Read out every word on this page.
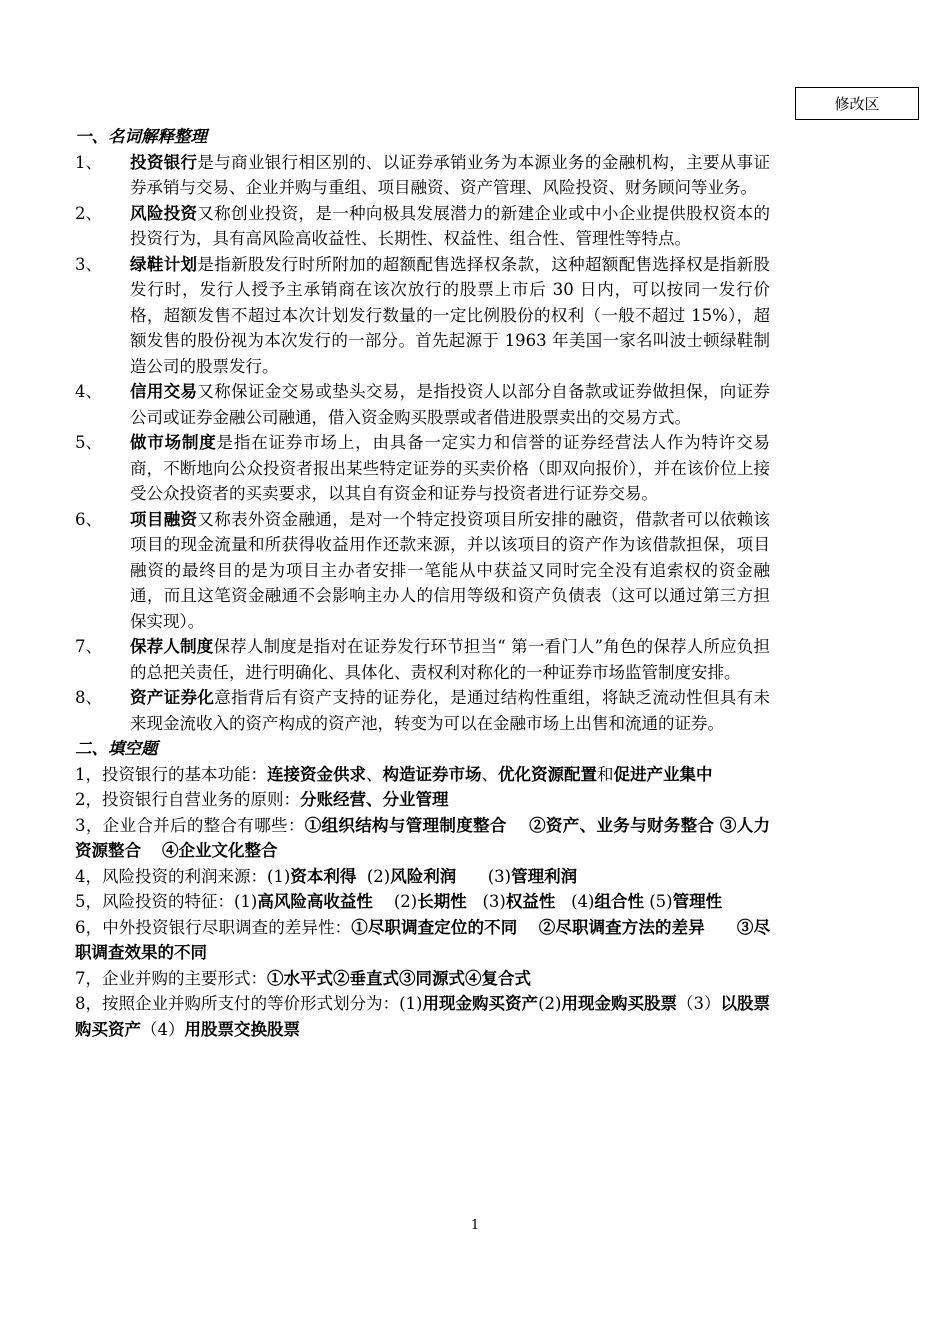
修改区

一、名词解释整理

1、 投资银行是与商业银行相区别的、以证券承销业务为本源业务的金融机构，主要从事证券承销与交易、企业并购与重组、项目融资、资产管理、风险投资、财务顾问等业务。

2、 风险投资又称创业投资，是一种向极具发展潜力的新建企业或中小企业提供股权资本的投资行为，具有高风险高收益性、长期性、权益性、组合性、管理性等特点。

3、 绿鞋计划是指新股发行时所附加的超额配售选择权条款，这种超额配售选择权是指新股发行时，发行人授予主承销商在该次放行的股票上市后 30 日内，可以按同一发行价格，超额发售不超过本次计划发行数量的一定比例股份的权利（一般不超过 15%），超额发售的股份视为本次发行的一部分。首先起源于 1963 年美国一家名叫波士顿绿鞋制造公司的股票发行。

4、 信用交易又称保证金交易或垫头交易，是指投资人以部分自备款或证券做担保，向证券公司或证券金融公司融通，借入资金购买股票或者借进股票卖出的交易方式。

5、 做市场制度是指在证券市场上，由具备一定实力和信誉的证券经营法人作为特许交易商，不断地向公众投资者报出某些特定证券的买卖价格（即双向报价），并在该价位上接受公众投资者的买卖要求，以其自有资金和证券与投资者进行证券交易。

6、 项目融资又称表外资金融通，是对一个特定投资项目所安排的融资，借款者可以依赖该项目的现金流量和所获得收益用作还款来源，并以该项目的资产作为该借款担保，项目融资的最终目的是为项目主办者安排一笔能从中获益又同时完全没有追索权的资金融通，而且这笔资金融通不会影响主办人的信用等级和资产负债表（这可以通过第三方担保实现）。

7、 保荐人制度保荐人制度是指对在证券发行环节担当“ 第一看门人”角色的保荐人所应负担的总把关责任，进行明确化、具体化、责权利对称化的一种证券市场监管制度安排。

8、 资产证券化意指背后有资产支持的证券化，是通过结构性重组，将缺乏流动性但具有未来现金流收入的资产构成的资产池，转变为可以在金融市场上出售和流通的证券。

二、填空题

1，投资银行的基本功能：连接资金供求、构造证券市场、优化资源配置和促进产业集中

2，投资银行自营业务的原则：分账经营、分业管理

3，企业合并后的整合有哪些：①组织结构与管理制度整合 ②资产、业务与财务整合 ③人力资源整合 ④企业文化整合

4，风险投资的利润来源：(1)资本利得  (2)风险利润      (3)管理利润

5，风险投资的特征：(1)高风险高收益性    (2)长期性   (3)权益性   (4)组合性 (5)管理性

6，中外投资银行尽职调查的差异性：①尽职调查定位的不同 ②尽职调查方法的差异 ③尽职调查效果的不同

7，企业并购的主要形式：①水平式②垂直式③同源式④复合式

8，按照企业并购所支付的等价形式划分为：(1)用现金购买资产(2)用现金购买股票（3）以股票购买资产（4）用股票交换股票

1
